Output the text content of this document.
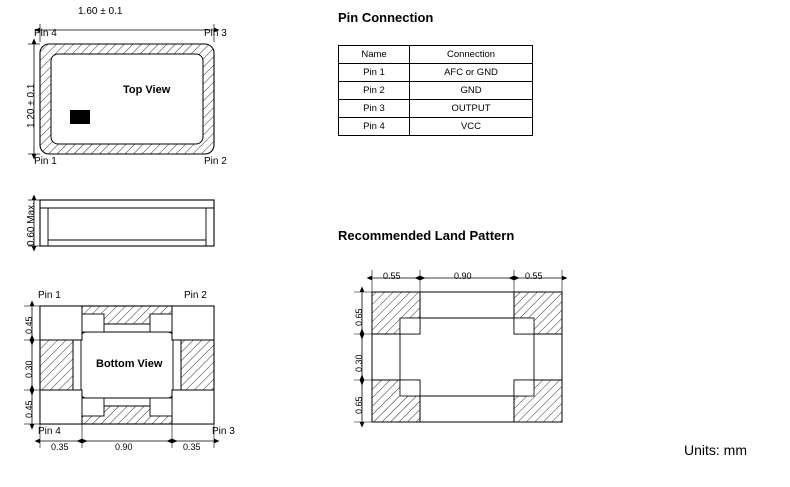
1.60 ± 0.1
1.20 ± 0.1	Top View
Pin 4	Pin 3
Pin 1	Pin 2
0.60 Max.
Pin 1	Pin 2
Pin 4	Pin 3
Bottom View
0.45
0.30
0.45
0.35	0.90	0.35
Pin Connection
Name	Connection
Pin 1	AFC or GND
Pin 2	GND
Pin 3	OUTPUT
Pin 4	VCC
Recommended Land Pattern
0.55	0.90	0.55
0.65
0.30
0.65
Units: mm
